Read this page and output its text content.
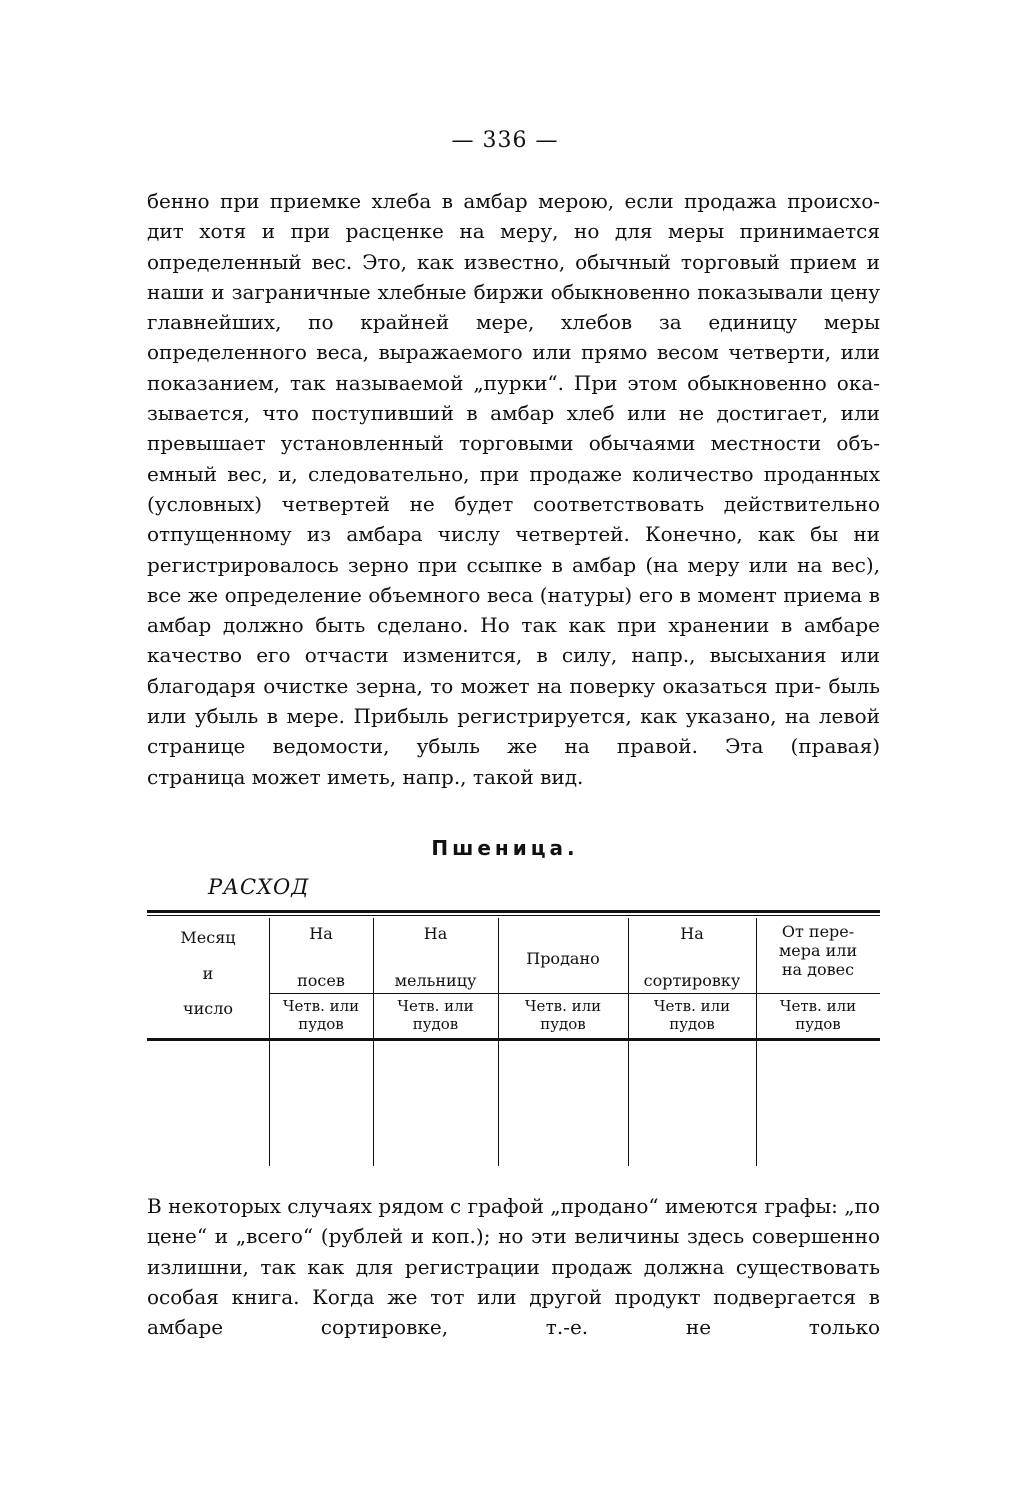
— 336 —

бенно при приемке хлеба в амбар мерою, если продажа происхо- дит хотя и при расценке на меру, но для меры принимается определенный вес. Это, как известно, обычный торговый прием и наши и заграничные хлебные биржи обыкновенно показывали цену главнейших, по крайней мере, хлебов за единицу меры определенного веса, выражаемого или прямо весом четверти, или показанием, так называемой „пурки“. При этом обыкновенно ока- зывается, что поступивший в амбар хлеб или не достигает, или превышает установленный торговыми обычаями местности объ- емный вес, и, следовательно, при продаже количество проданных (условных) четвертей не будет соответствовать действительно отпущенному из амбара числу четвертей. Конечно, как бы ни регистрировалось зерно при ссыпке в амбар (на меру или на вес), все же определение объемного веса (натуры) его в момент приема в амбар должно быть сделано. Но так как при хранении в амбаре качество его отчасти изменится, в силу, напр., высыхания или благодаря очистке зерна, то может на поверку оказаться при- быль или убыль в мере. Прибыль регистрируется, как указано, на левой странице ведомости, убыль же на правой. Эта (правая)
страница может иметь, напр., такой вид.

Пшеница.
РАСХОД
Месяц
и
число
На
посев
На
мельницу
Продано
На
сортировку
От пере-
мера или
на довес
Четв. или
пудов
Четв. или
пудов
Четв. или
пудов
Четв. или
пудов
Четв. или
пудов

В некоторых случаях рядом с графой „продано“ имеются графы: „по цене“ и „всего“ (рублей и коп.); но эти величины здесь совершенно излишни, так как для регистрации продаж должна существовать особая книга. Когда же тот или другой продукт подвергается в амбаре сортировке, т.-е. не только
